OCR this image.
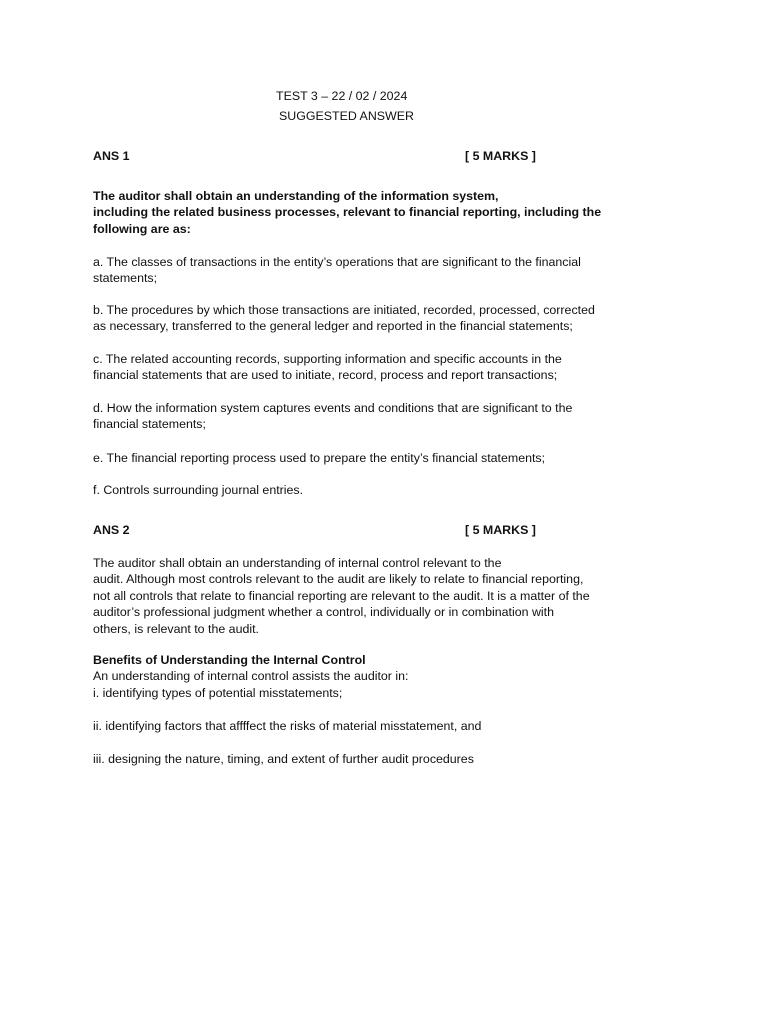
TEST 3 – 22 / 02 / 2024
SUGGESTED ANSWER
ANS 1	[ 5 MARKS ]
The auditor shall obtain an understanding of the information system,
including the related business processes, relevant to financial reporting, including the
following are as:
a. The classes of transactions in the entity’s operations that are significant to the financial
statements;
b. The procedures by which those transactions are initiated, recorded, processed, corrected
as necessary, transferred to the general ledger and reported in the financial statements;
c. The related accounting records, supporting information and specific accounts in the
financial statements that are used to initiate, record, process and report transactions;
d. How the information system captures events and conditions that are significant to the
financial statements;
e. The financial reporting process used to prepare the entity’s financial statements;
f. Controls surrounding journal entries.
ANS 2	[ 5 MARKS ]
The auditor shall obtain an understanding of internal control relevant to the
audit. Although most controls relevant to the audit are likely to relate to financial reporting,
not all controls that relate to financial reporting are relevant to the audit. It is a matter of the
auditor’s professional judgment whether a control, individually or in combination with
others, is relevant to the audit.
Benefits of Understanding the Internal Control
An understanding of internal control assists the auditor in:
i. identifying types of potential misstatements;
ii. identifying factors that affffect the risks of material misstatement, and
iii. designing the nature, timing, and extent of further audit procedures
